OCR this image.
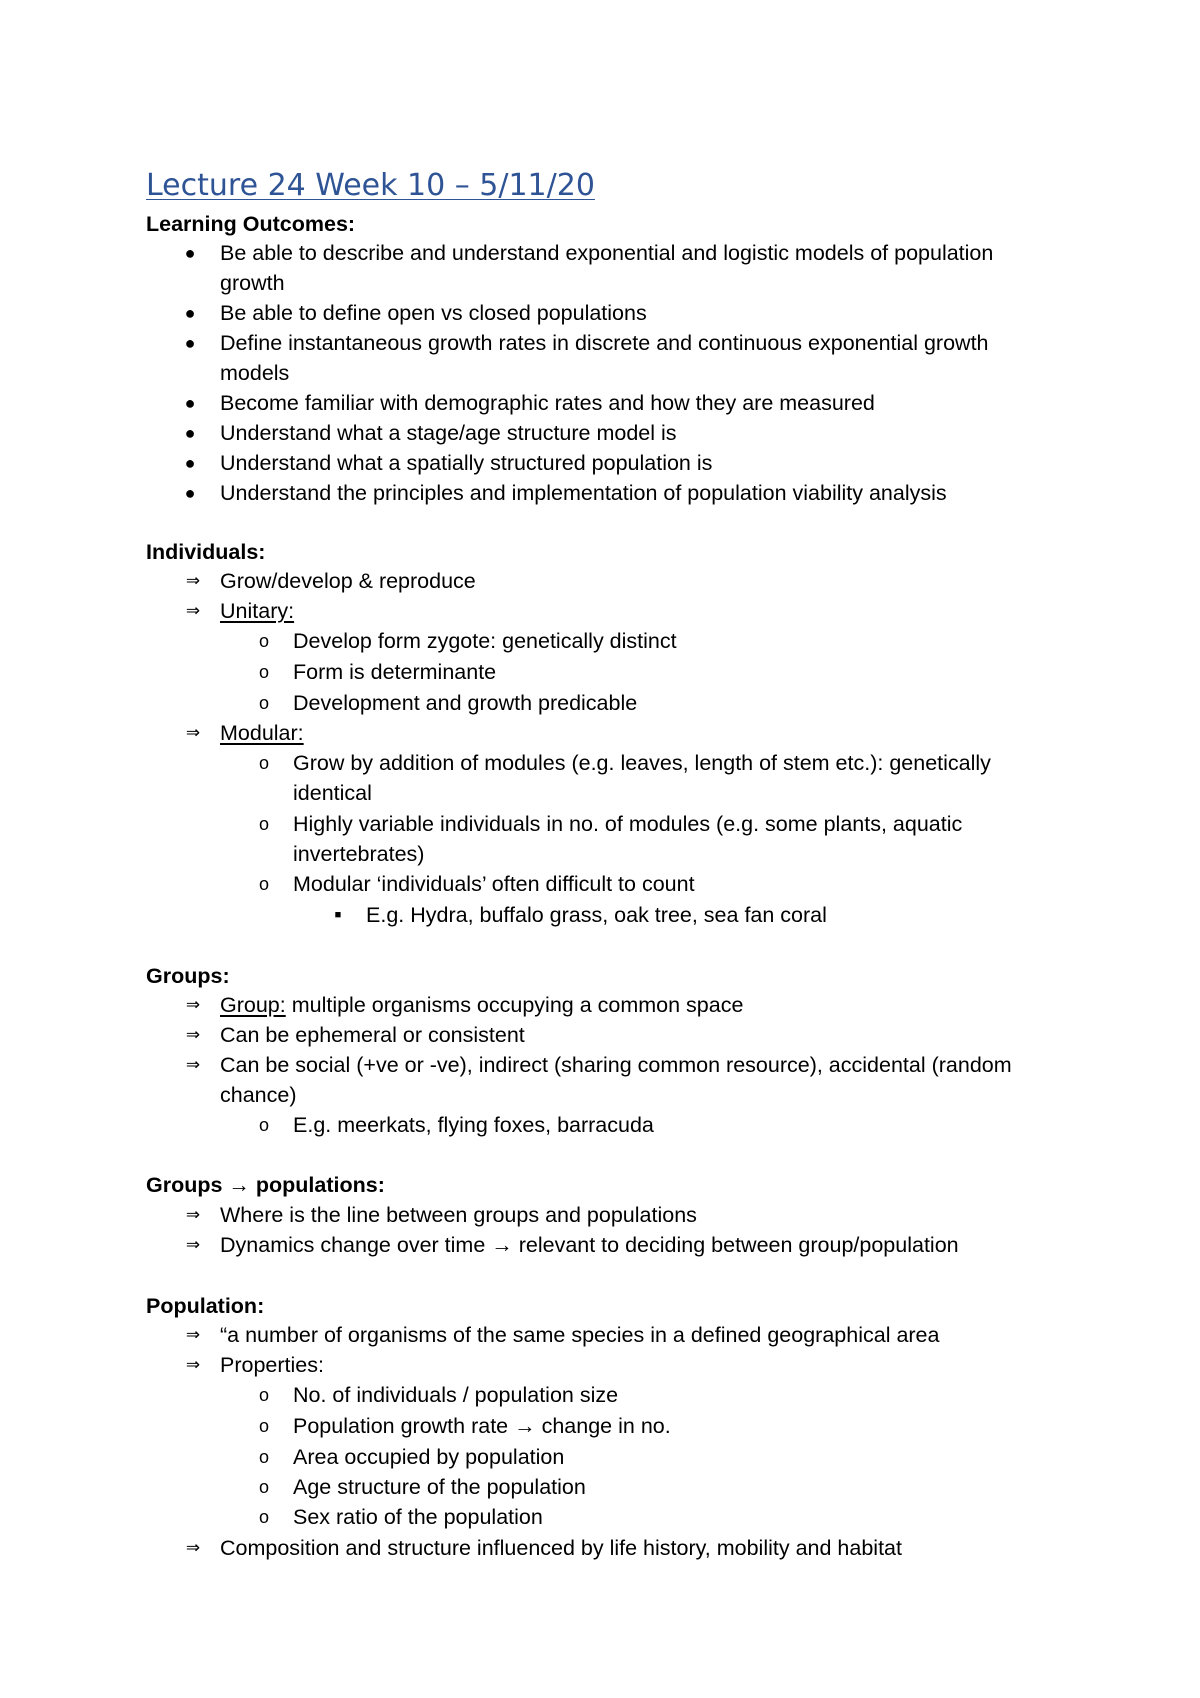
Lecture 24 Week 10 – 5/11/20
Learning Outcomes:
● Be able to describe and understand exponential and logistic models of population
growth
● Be able to define open vs closed populations
● Define instantaneous growth rates in discrete and continuous exponential growth
models
● Become familiar with demographic rates and how they are measured
● Understand what a stage/age structure model is
● Understand what a spatially structured population is
● Understand the principles and implementation of population viability analysis
Individuals:
⇒ Grow/develop & reproduce
⇒ Unitary:
o Develop form zygote: genetically distinct
o Form is determinante
o Development and growth predicable
⇒ Modular:
o Grow by addition of modules (e.g. leaves, length of stem etc.): genetically
identical
o Highly variable individuals in no. of modules (e.g. some plants, aquatic
invertebrates)
o Modular ‘individuals’ often difficult to count
■	E.g. Hydra, buffalo grass, oak tree, sea fan coral
Groups:
⇒ Group: multiple organisms occupying a common space
⇒ Can be ephemeral or consistent
⇒ Can be social (+ve or -ve), indirect (sharing common resource), accidental (random
chance)
o E.g. meerkats, flying foxes, barracuda
Groups → populations:
⇒ Where is the line between groups and populations
⇒ Dynamics change over time → relevant to deciding between group/population
Population:
⇒ “a number of organisms of the same species in a defined geographical area
⇒ Properties:
o No. of individuals / population size
o Population growth rate → change in no.
o Area occupied by population
o Age structure of the population
o Sex ratio of the population
⇒ Composition and structure influenced by life history, mobility and habitat
